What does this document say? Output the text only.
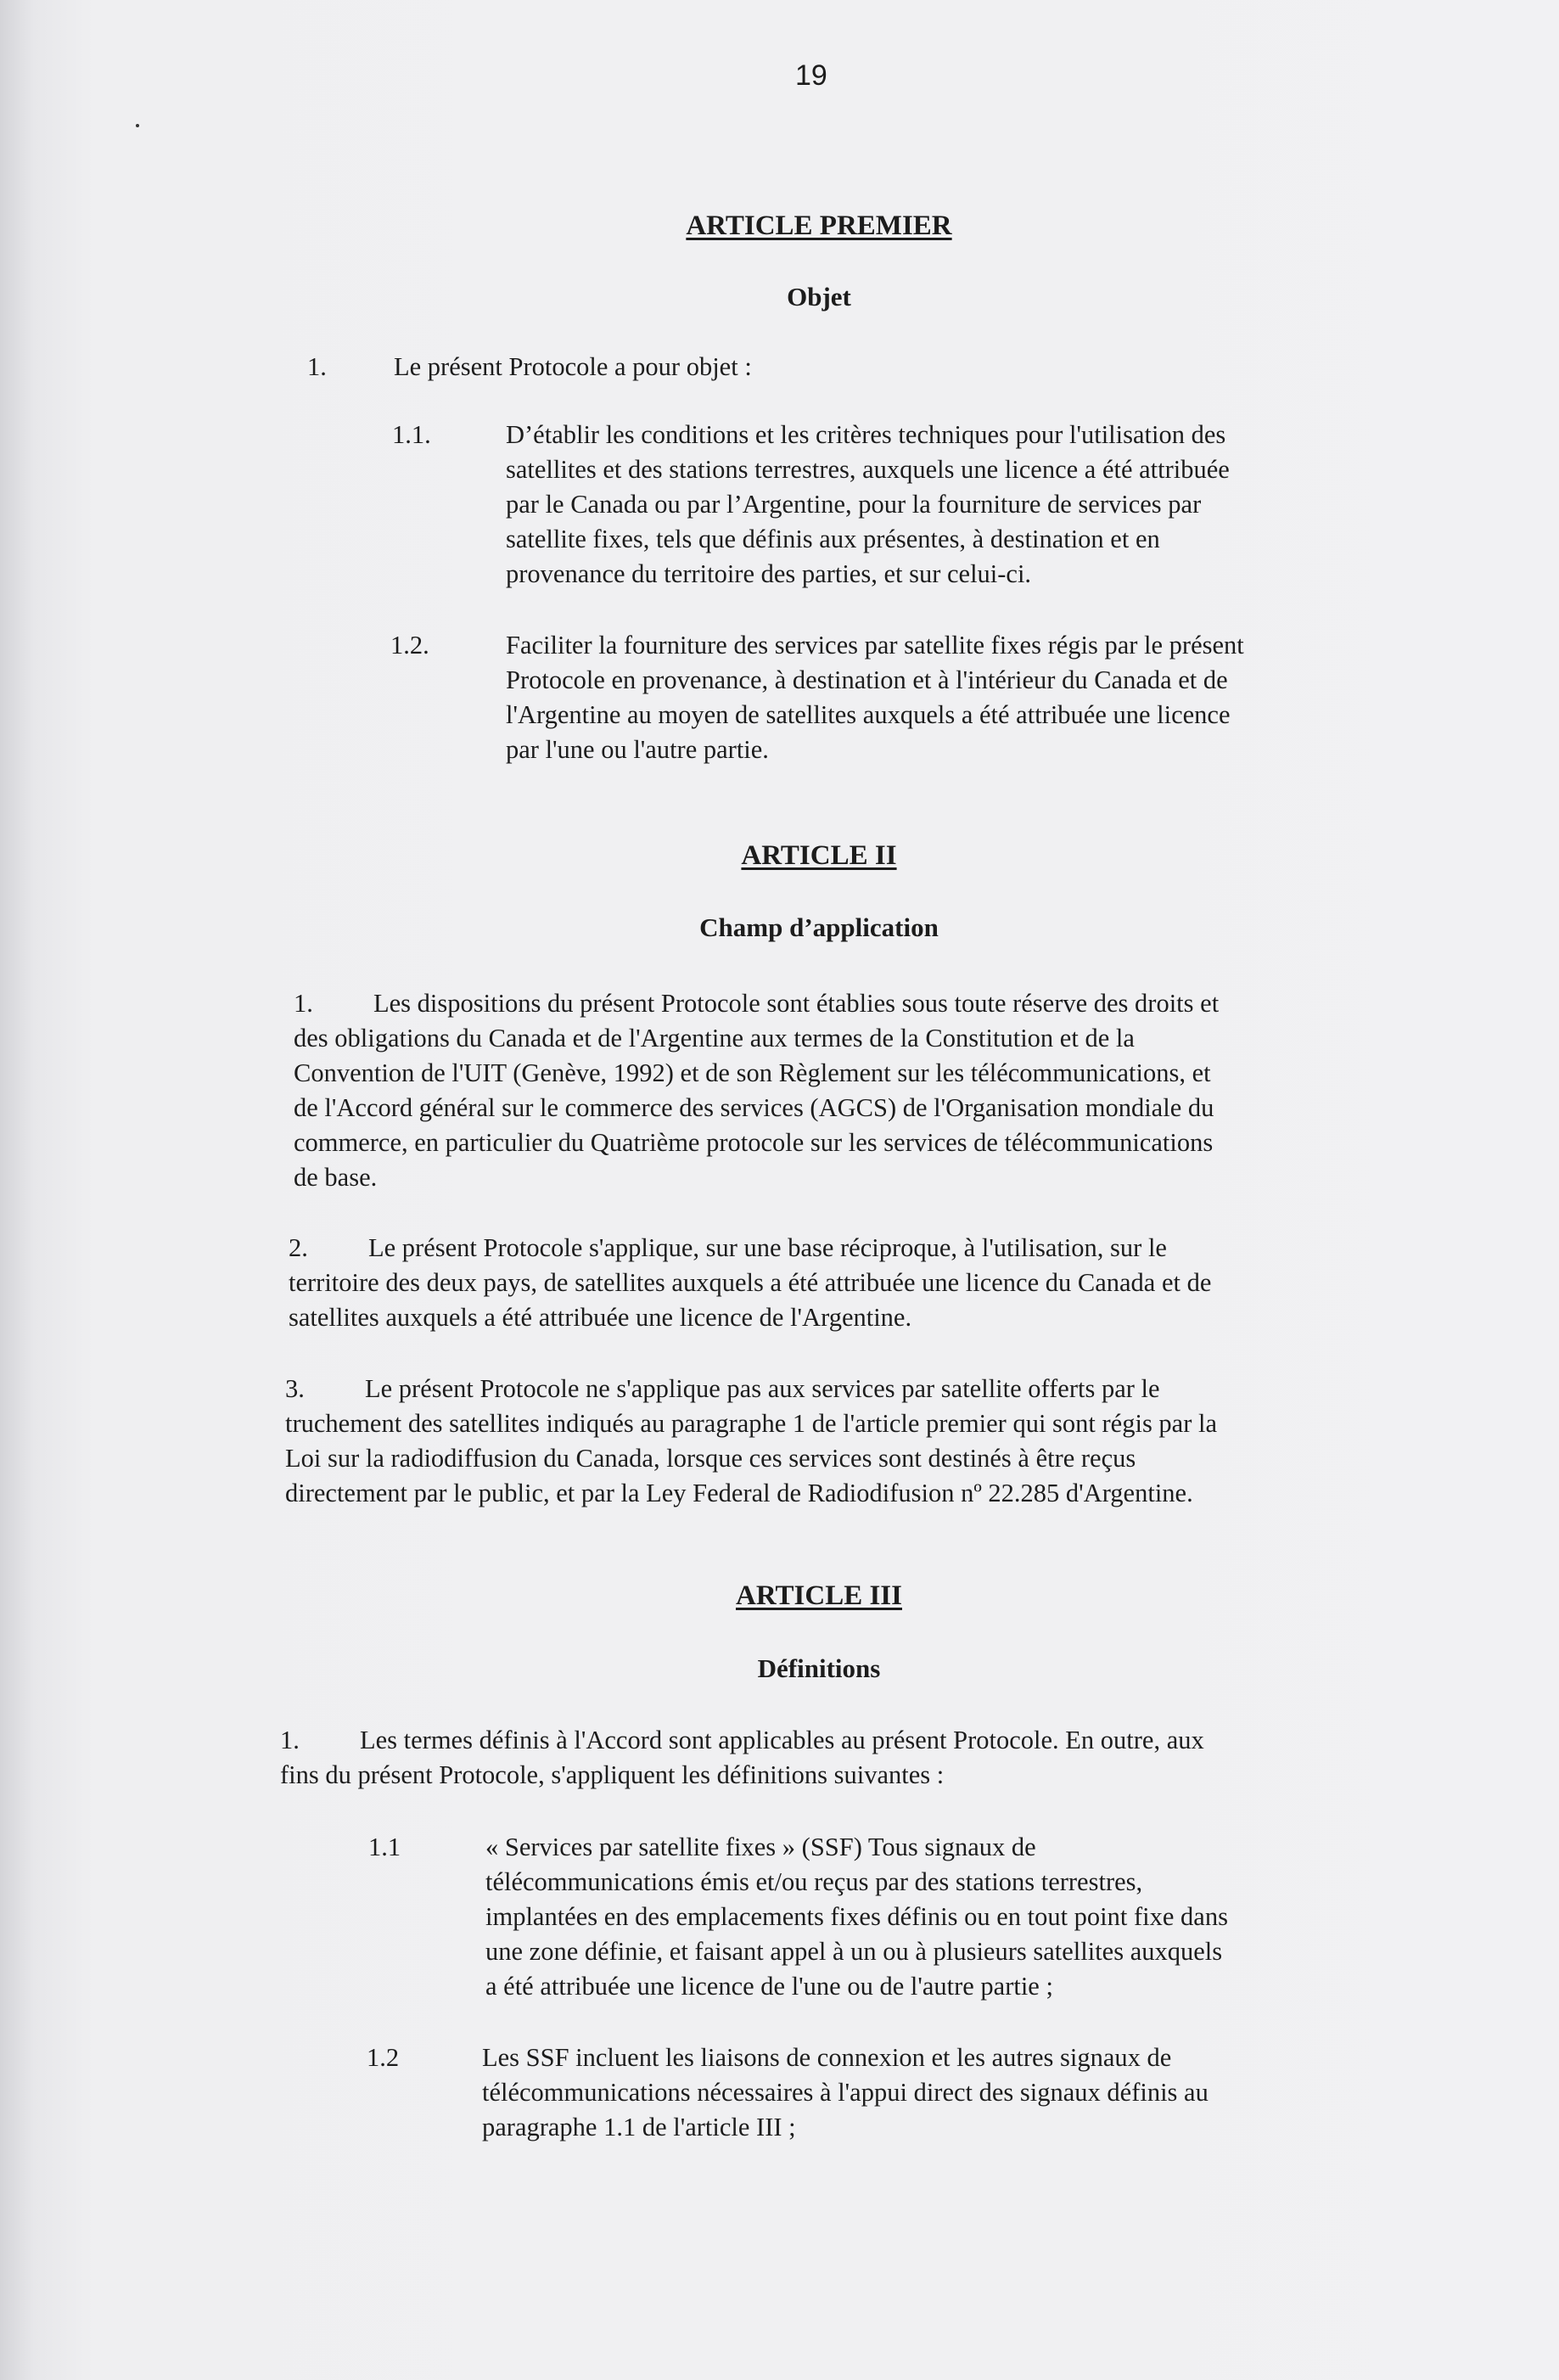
19
ARTICLE PREMIER
Objet
1.	Le présent Protocole a pour objet :
1.1.	D’établir les conditions et les critères techniques pour l'utilisation des
satellites et des stations terrestres, auxquels une licence a été attribuée
par le Canada ou par l’Argentine, pour la fourniture de services par
satellite fixes, tels que définis aux présentes, à destination et en
provenance du territoire des parties, et sur celui-ci.
1.2.	Faciliter la fourniture des services par satellite fixes régis par le présent
Protocole en provenance, à destination et à l'intérieur du Canada et de
l'Argentine au moyen de satellites auxquels a été attribuée une licence
par l'une ou l'autre partie.
ARTICLE II
Champ d’application
1. Les dispositions du présent Protocole sont établies sous toute réserve des droits et
des obligations du Canada et de l'Argentine aux termes de la Constitution et de la
Convention de l'UIT (Genève, 1992) et de son Règlement sur les télécommunications, et
de l'Accord général sur le commerce des services (AGCS) de l'Organisation mondiale du
commerce, en particulier du Quatrième protocole sur les services de télécommunications
de base.
2. Le présent Protocole s'applique, sur une base réciproque, à l'utilisation, sur le
territoire des deux pays, de satellites auxquels a été attribuée une licence du Canada et de
satellites auxquels a été attribuée une licence de l'Argentine.
3. Le présent Protocole ne s'applique pas aux services par satellite offerts par le
truchement des satellites indiqués au paragraphe 1 de l'article premier qui sont régis par la
Loi sur la radiodiffusion du Canada, lorsque ces services sont destinés à être reçus
directement par le public, et par la Ley Federal de Radiodifusion nº 22.285 d'Argentine.
ARTICLE III
Définitions
1. Les termes définis à l'Accord sont applicables au présent Protocole. En outre, aux
fins du présent Protocole, s'appliquent les définitions suivantes :
1.1	« Services par satellite fixes » (SSF) Tous signaux de
télécommunications émis et/ou reçus par des stations terrestres,
implantées en des emplacements fixes définis ou en tout point fixe dans
une zone définie, et faisant appel à un ou à plusieurs satellites auxquels
a été attribuée une licence de l'une ou de l'autre partie ;
1.2	Les SSF incluent les liaisons de connexion et les autres signaux de
télécommunications nécessaires à l'appui direct des signaux définis au
paragraphe 1.1 de l'article III ;
